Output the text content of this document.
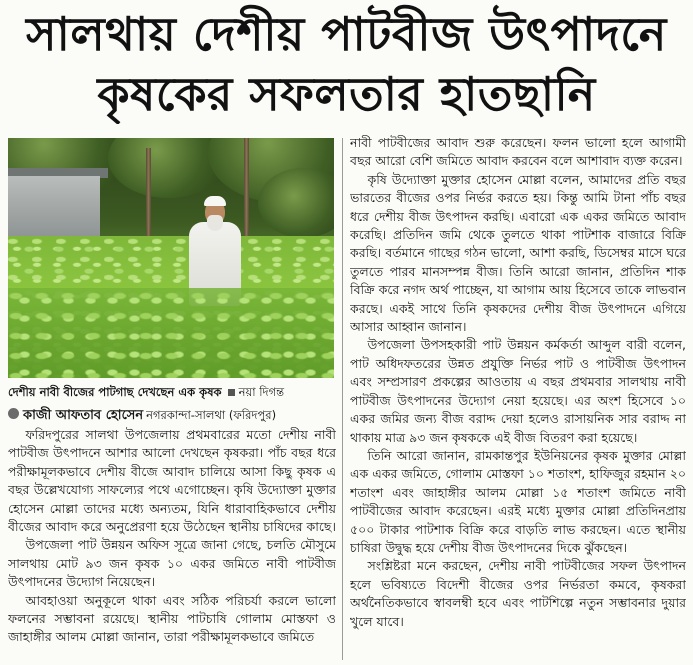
সালথায় দেশীয় পাটবীজ উৎপাদনে
কৃষকের সফলতার হাতছানি
দেশীয় নাবী বীজের পাটগাছ দেখছেন এক কৃষক নয়া দিগন্ত
কাজী আফতাব হোসেন নগরকান্দা-সালথা (ফরিদপুর)

ফরিদপুরের সালথা উপজেলায় প্রথমবারের মতো দেশীয় নাবী পাটবীজ উৎপাদনে আশার আলো দেখছেন কৃষকরা। পাঁচ বছর ধরে পরীক্ষামূলকভাবে দেশীয় বীজে আবাদ চালিয়ে আসা কিছু কৃষক এ বছর উল্লেখযোগ্য সাফল্যের পথে এগোচ্ছেন। কৃষি উদ্যোক্তা মুক্তার হোসেন মোল্লা তাদের মধ্যে অন্যতম, যিনি ধারাবাহিকভাবে দেশীয় বীজের আবাদ করে অনুপ্রেরণা হয়ে উঠেছেন স্থানীয় চাষিদের কাছে।

উপজেলা পাট উন্নয়ন অফিস সূত্রে জানা গেছে, চলতি মৌসুমে সালথায় মোট ৯৩ জন কৃষক ১০ একর জমিতে নাবী পাটবীজ উৎপাদনের উদ্যোগ নিয়েছেন।

আবহাওয়া অনুকূলে থাকা এবং সঠিক পরিচর্যা করলে ভালো ফলনের সম্ভাবনা রয়েছে। স্থানীয় পাটচাষি গোলাম মোস্তফা ও জাহাঙ্গীর আলম মোল্লা জানান, তারা পরীক্ষামূলকভাবে জমিতে

নাবী পাটবীজের আবাদ শুরু করেছেন। ফলন ভালো হলে আগামী বছর আরো বেশি জমিতে আবাদ করবেন বলে আশাবাদ ব্যক্ত করেন।

কৃষি উদ্যোক্তা মুক্তার হোসেন মোল্লা বলেন, আমাদের প্রতি বছর ভারতের বীজের ওপর নির্ভর করতে হয়। কিন্তু আমি টানা পাঁচ বছর ধরে দেশীয় বীজ উৎপাদন করছি। এবারো এক একর জমিতে আবাদ করেছি। প্রতিদিন জমি থেকে তুলতে থাকা পাটশাক বাজারে বিক্রি করছি। বর্তমানে গাছের গঠন ভালো, আশা করছি, ডিসেম্বর মাসে ঘরে তুলতে পারব মানসম্পন্ন বীজ। তিনি আরো জানান, প্রতিদিন শাক বিক্রি করে নগদ অর্থ পাচ্ছেন, যা আগাম আয় হিসেবে তাকে লাভবান করছে। একই সাথে তিনি কৃষকদের দেশীয় বীজ উৎপাদনে এগিয়ে আসার আহ্বান জানান।

উপজেলা উপসহকারী পাট উন্নয়ন কর্মকর্তা আব্দুল বারী বলেন, পাট অধিদফতরের উন্নত প্রযুক্তি নির্ভর পাট ও পাটবীজ উৎপাদন এবং সম্প্রসারণ প্রকল্পের আওতায় এ বছর প্রথমবার সালথায় নাবী পাটবীজ উৎপাদনের উদ্যোগ নেয়া হয়েছে। এর অংশ হিসেবে ১০ একর জমির জন্য বীজ বরাদ্দ দেয়া হলেও রাসায়নিক সার বরাদ্দ না থাকায় মাত্র ৯৩ জন কৃষককে এই বীজ বিতরণ করা হয়েছে।

তিনি আরো জানান, রামকান্তপুর ইউনিয়নের কৃষক মুক্তার মোল্লা এক একর জমিতে, গোলাম মোস্তফা ১০ শতাংশ, হাফিজুর রহমান ২০ শতাংশ এবং জাহাঙ্গীর আলম মোল্লা ১৫ শতাংশ জমিতে নাবী পাটবীজের আবাদ করেছেন। এরই মধ্যে মুক্তার মোল্লা প্রতিদিনপ্রায় ৫০০ টাকার পাটশাক বিক্রি করে বাড়তি লাভ করছেন। এতে স্থানীয় চাষিরা উদ্বুদ্ধ হয়ে দেশীয় বীজ উৎপাদনের দিকে ঝুঁকছেন।

সংশ্লিষ্টরা মনে করছেন, দেশীয় নাবী পাটবীজের সফল উৎপাদন হলে ভবিষ্যতে বিদেশী বীজের ওপর নির্ভরতা কমবে, কৃষকরা অর্থনৈতিকভাবে স্বাবলম্বী হবে এবং পাটশিল্পে নতুন সম্ভাবনার দুয়ার খুলে যাবে।
